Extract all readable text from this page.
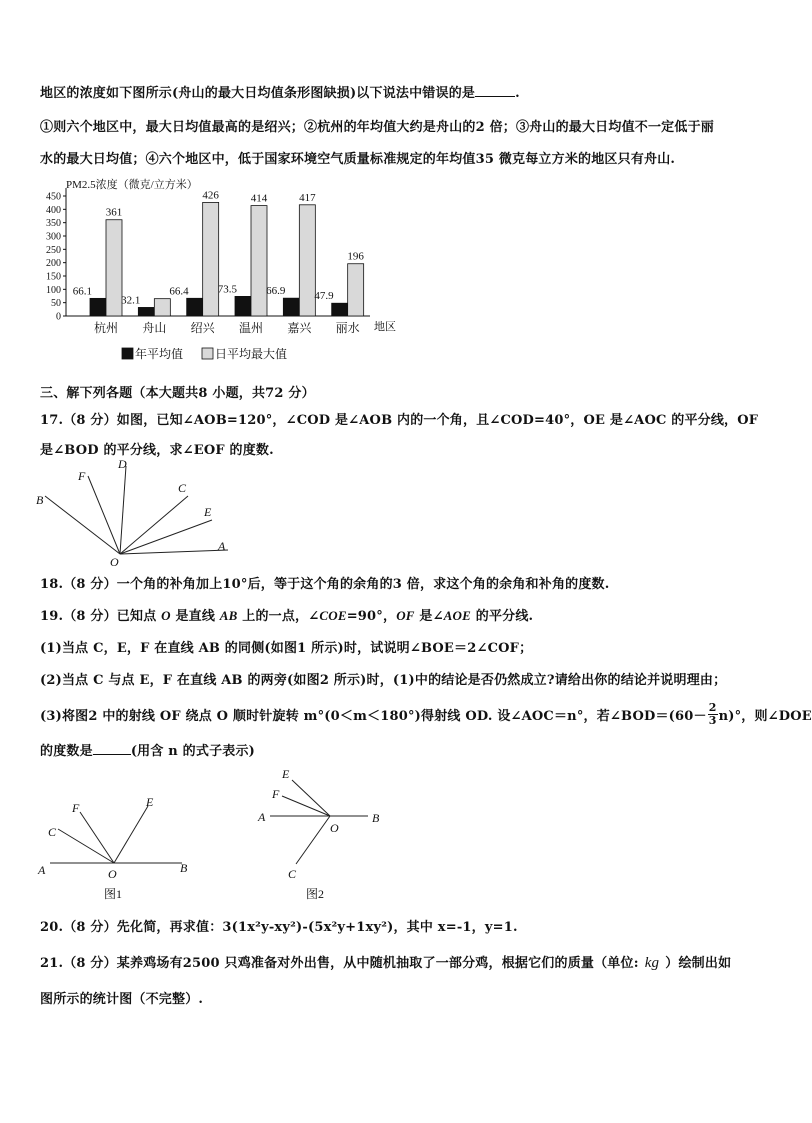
地区的浓度如下图所示(舟山的最大日均值条形图缺损)以下说法中错误的是	.
①则六个地区中，最大日均值最高的是绍兴；②杭州的年均值大约是舟山的2 倍；③舟山的最大日均值不一定低于丽
水的最大日均值；④六个地区中，低于国家环境空气质量标准规定的年均值35 微克每立方米的地区只有舟山.
PM2.5浓度（微克/立方米）
地区
0
50
100
150
200
250
300
350
400
450
66.1
361
杭州
32.1
舟山
66.4
426
绍兴
73.5
414
温州
66.9
417
嘉兴
47.9
196
丽水
年平均值	日平均最大值
三、解下列各题（本大题共8 小题，共72 分）
17.（8 分）如图，已知∠AOB=120°，∠COD 是∠AOB 内的一个角，且∠COD=40°，OE 是∠AOC 的平分线，OF
是∠BOD 的平分线，求∠EOF 的度数.
B
F
D
C
E
O
A
18.（8 分）一个角的补角加上10°后，等于这个角的余角的3 倍，求这个角的余角和补角的度数.
19.（8 分）已知点 O 是直线 AB 上的一点，∠COE=90°，OF 是∠AOE 的平分线.
(1)当点 C，E，F 在直线 AB 的同侧(如图1 所示)时，试说明∠BOE＝2∠COF；
(2)当点 C 与点 E，F 在直线 AB 的两旁(如图2 所示)时，(1)中的结论是否仍然成立?请给出你的结论并说明理由；
(3)将图2 中的射线 OF 绕点 O 顺时针旋转 m°(0＜m＜180°)得射线 OD. 设∠AOC＝n°，若∠BOD＝(60－ $\frac{2}{3} n)^\circ$，则∠DOE
的度数是	(用含 n 的式子表示)
A	B
C
F	E
O
图1
A	B
E
F
C
O
图2
20.（8 分）先化简，再求值：3(1x²y-xy²)-(5x²y+1xy²)，其中 x=-1，y=1.
21.（8 分）某养鸡场有2500 只鸡准备对外出售，从中随机抽取了一部分鸡，根据它们的质量（单位: kg ）绘制出如
图所示的统计图（不完整）.
